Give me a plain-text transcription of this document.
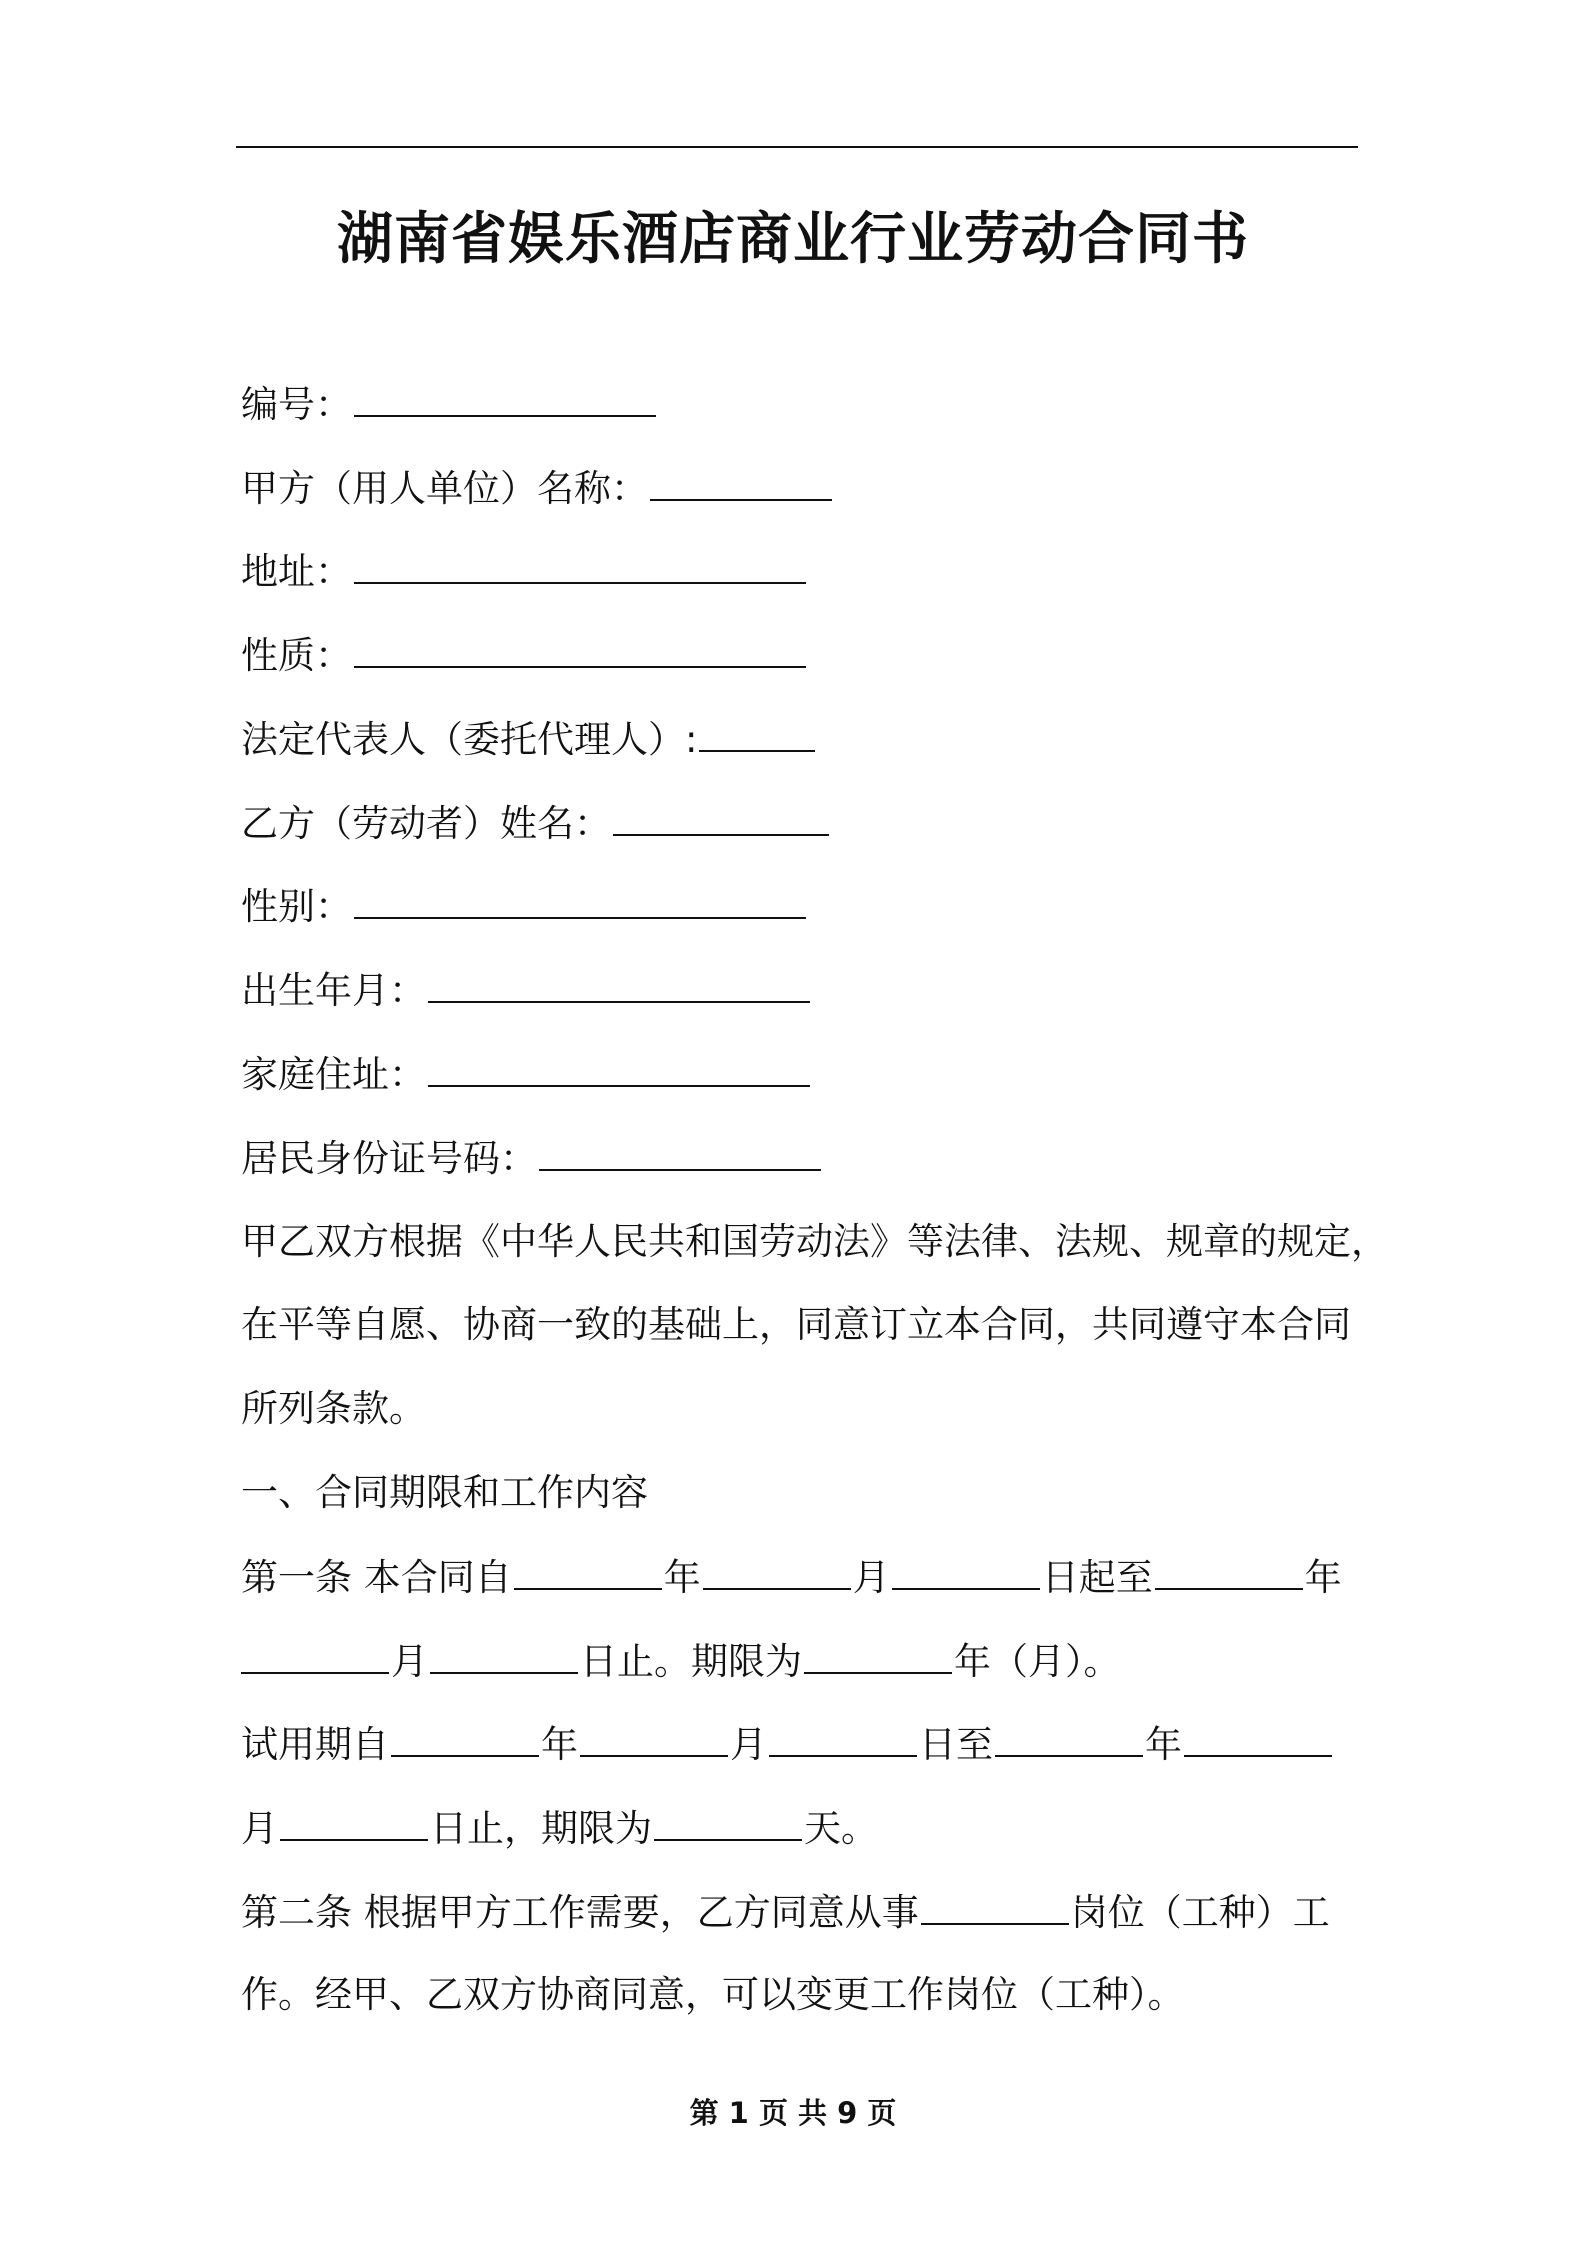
湖南省娱乐酒店商业行业劳动合同书
编号：
甲方（用人单位）名称：
地址：
性质：
法定代表人（委托代理人）:
乙方（劳动者）姓名：
性别：
出生年月：
家庭住址：
居民身份证号码：
甲乙双方根据《中华人民共和国劳动法》等法律、法规、规章的规定，
在平等自愿、协商一致的基础上，同意订立本合同，共同遵守本合同
所列条款。
一、合同期限和工作内容
第一条 本合同自	年	月	日起至	年
月	日止。期限为	年（月）。
试用期自	年	月	日至	年
月	日止，期限为	天。
第二条 根据甲方工作需要，乙方同意从事	岗位（工种）工
作。经甲、乙双方协商同意，可以变更工作岗位（工种）。
第 1 页 共 9 页
